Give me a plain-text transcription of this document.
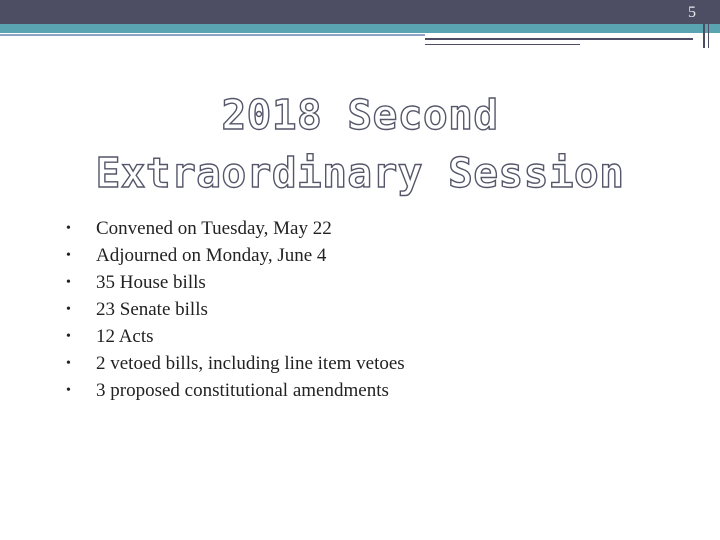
5
2018 Second
Extraordinary Session
• Convened on Tuesday, May 22
• Adjourned on Monday, June 4
• 35 House bills
• 23 Senate bills
• 12 Acts
• 2 vetoed bills, including line item vetoes
• 3 proposed constitutional amendments
